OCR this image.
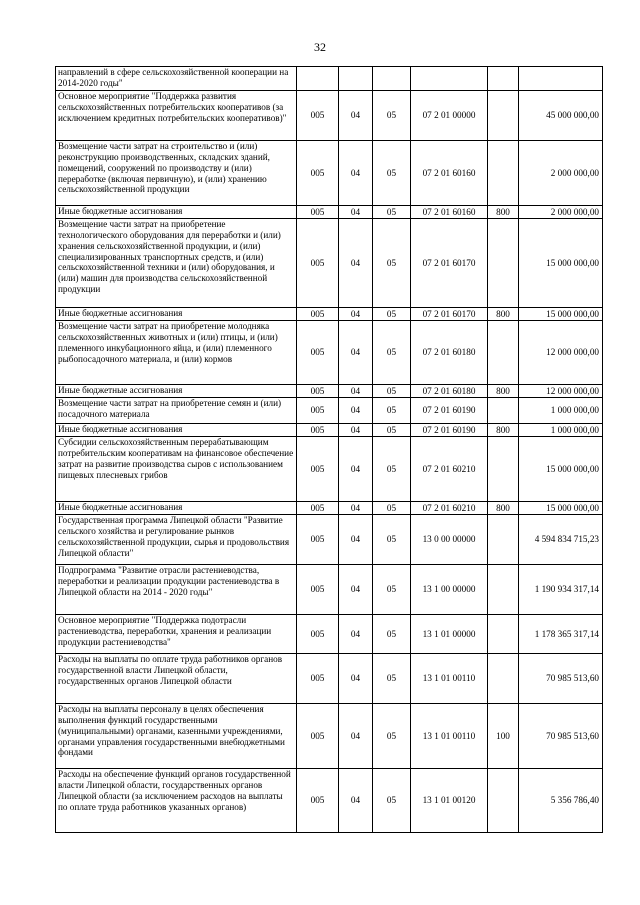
32
направлений в сфере сельскохозяйственной кооперации на 2014-2020 годы"						
Основное мероприятие "Поддержка развития сельскохозяйственных потребительских кооперативов (за исключением кредитных потребительских кооперативов)"	005	04	05	07 2 01 00000		45 000 000,00
Возмещение части затрат на строительство и (или) реконструкцию производственных, складских зданий, помещений, сооружений по производству и (или) переработке (включая первичную), и (или) хранению сельскохозяйственной продукции	005	04	05	07 2 01 60160		2 000 000,00
Иные бюджетные ассигнования	005	04	05	07 2 01 60160	800	2 000 000,00
Возмещение части затрат на приобретение технологического оборудования для переработки и (или) хранения сельскохозяйственной продукции, и (или) специализированных транспортных средств, и (или) сельскохозяйственной техники и (или) оборудования, и (или) машин для производства сельскохозяйственной продукции	005	04	05	07 2 01 60170		15 000 000,00
Иные бюджетные ассигнования	005	04	05	07 2 01 60170	800	15 000 000,00
Возмещение части затрат на приобретение молодняка сельскохозяйственных животных и (или) птицы, и (или) племенного инкубационного яйца, и (или) племенного рыбопосадочного материала, и (или) кормов	005	04	05	07 2 01 60180		12 000 000,00
Иные бюджетные ассигнования	005	04	05	07 2 01 60180	800	12 000 000,00
Возмещение части затрат на приобретение семян и (или) посадочного материала	005	04	05	07 2 01 60190		1 000 000,00
Иные бюджетные ассигнования	005	04	05	07 2 01 60190	800	1 000 000,00
Субсидии сельскохозяйственным перерабатывающим потребительским кооперативам на финансовое обеспечение затрат на развитие производства сыров с использованием пищевых плесневых грибов	005	04	05	07 2 01 60210		15 000 000,00
Иные бюджетные ассигнования	005	04	05	07 2 01 60210	800	15 000 000,00
Государственная программа Липецкой области "Развитие сельского хозяйства и регулирование рынков сельскохозяйственной продукции, сырья и продовольствия Липецкой области"	005	04	05	13 0 00 00000		4 594 834 715,23
Подпрограмма "Развитие отрасли растениеводства, переработки и реализации продукции растениеводства в Липецкой области на 2014 - 2020 годы"	005	04	05	13 1 00 00000		1 190 934 317,14
Основное мероприятие "Поддержка подотрасли растениеводства, переработки, хранения и реализации продукции растениеводства"	005	04	05	13 1 01 00000		1 178 365 317,14
Расходы на выплаты по оплате труда работников органов государственной власти Липецкой области, государственных органов Липецкой области	005	04	05	13 1 01 00110		70 985 513,60
Расходы на выплаты персоналу в целях обеспечения выполнения функций государственными (муниципальными) органами, казенными учреждениями, органами управления государственными внебюджетными фондами	005	04	05	13 1 01 00110	100	70 985 513,60
Расходы на обеспечение функций органов государственной власти Липецкой области, государственных органов Липецкой области (за исключением расходов на выплаты по оплате труда работников указанных органов)	005	04	05	13 1 01 00120		5 356 786,40
